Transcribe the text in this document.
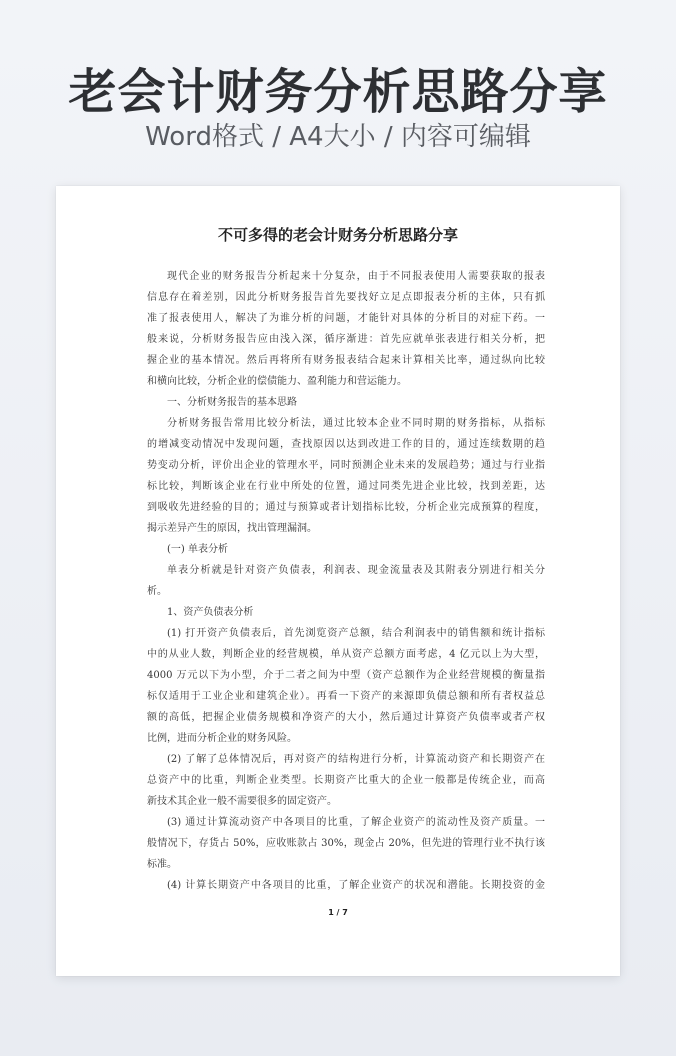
老会计财务分析思路分享
Word格式 / A4大小 / 内容可编辑
不可多得的老会计财务分析思路分享
现代企业的财务报告分析起来十分复杂，由于不同报表使用人需要获取的报表
信息存在着差别，因此分析财务报告首先要找好立足点即报表分析的主体，只有抓
准了报表使用人，解决了为谁分析的问题，才能针对具体的分析目的对症下药。一
般来说，分析财务报告应由浅入深，循序渐进：首先应就单张表进行相关分析，把
握企业的基本情况。然后再将所有财务报表结合起来计算相关比率，通过纵向比较
和横向比较，分析企业的偿债能力、盈利能力和营运能力。
一、分析财务报告的基本思路
分析财务报告常用比较分析法，通过比较本企业不同时期的财务指标，从指标
的增减变动情况中发现问题，查找原因以达到改进工作的目的，通过连续数期的趋
势变动分析，评价出企业的管理水平，同时预测企业未来的发展趋势；通过与行业指
标比较，判断该企业在行业中所处的位置，通过同类先进企业比较，找到差距，达
到吸收先进经验的目的；通过与预算或者计划指标比较，分析企业完成预算的程度，
揭示差异产生的原因，找出管理漏洞。
(一) 单表分析
单表分析就是针对资产负债表，利润表、现金流量表及其附表分别进行相关分
析。
1、资产负债表分析
(1) 打开资产负债表后，首先浏览资产总额，结合利润表中的销售额和统计指标
中的从业人数，判断企业的经营规模，单从资产总额方面考虑，4 亿元以上为大型，
4000 万元以下为小型，介于二者之间为中型（资产总额作为企业经营规模的衡量指
标仅适用于工业企业和建筑企业）。再看一下资产的来源即负债总额和所有者权益总
额的高低，把握企业债务规模和净资产的大小，然后通过计算资产负债率或者产权
比例，进而分析企业的财务风险。
(2) 了解了总体情况后，再对资产的结构进行分析，计算流动资产和长期资产在
总资产中的比重，判断企业类型。长期资产比重大的企业一般都是传统企业，而高
新技术其企业一般不需要很多的固定资产。
(3) 通过计算流动资产中各项目的比重，了解企业资产的流动性及资产质量。一
般情况下，存货占 50%，应收账款占 30%，现金占 20%，但先进的管理行业不执行该
标准。
(4) 计算长期资产中各项目的比重，了解企业资产的状况和潜能。长期投资的金
1 / 7
